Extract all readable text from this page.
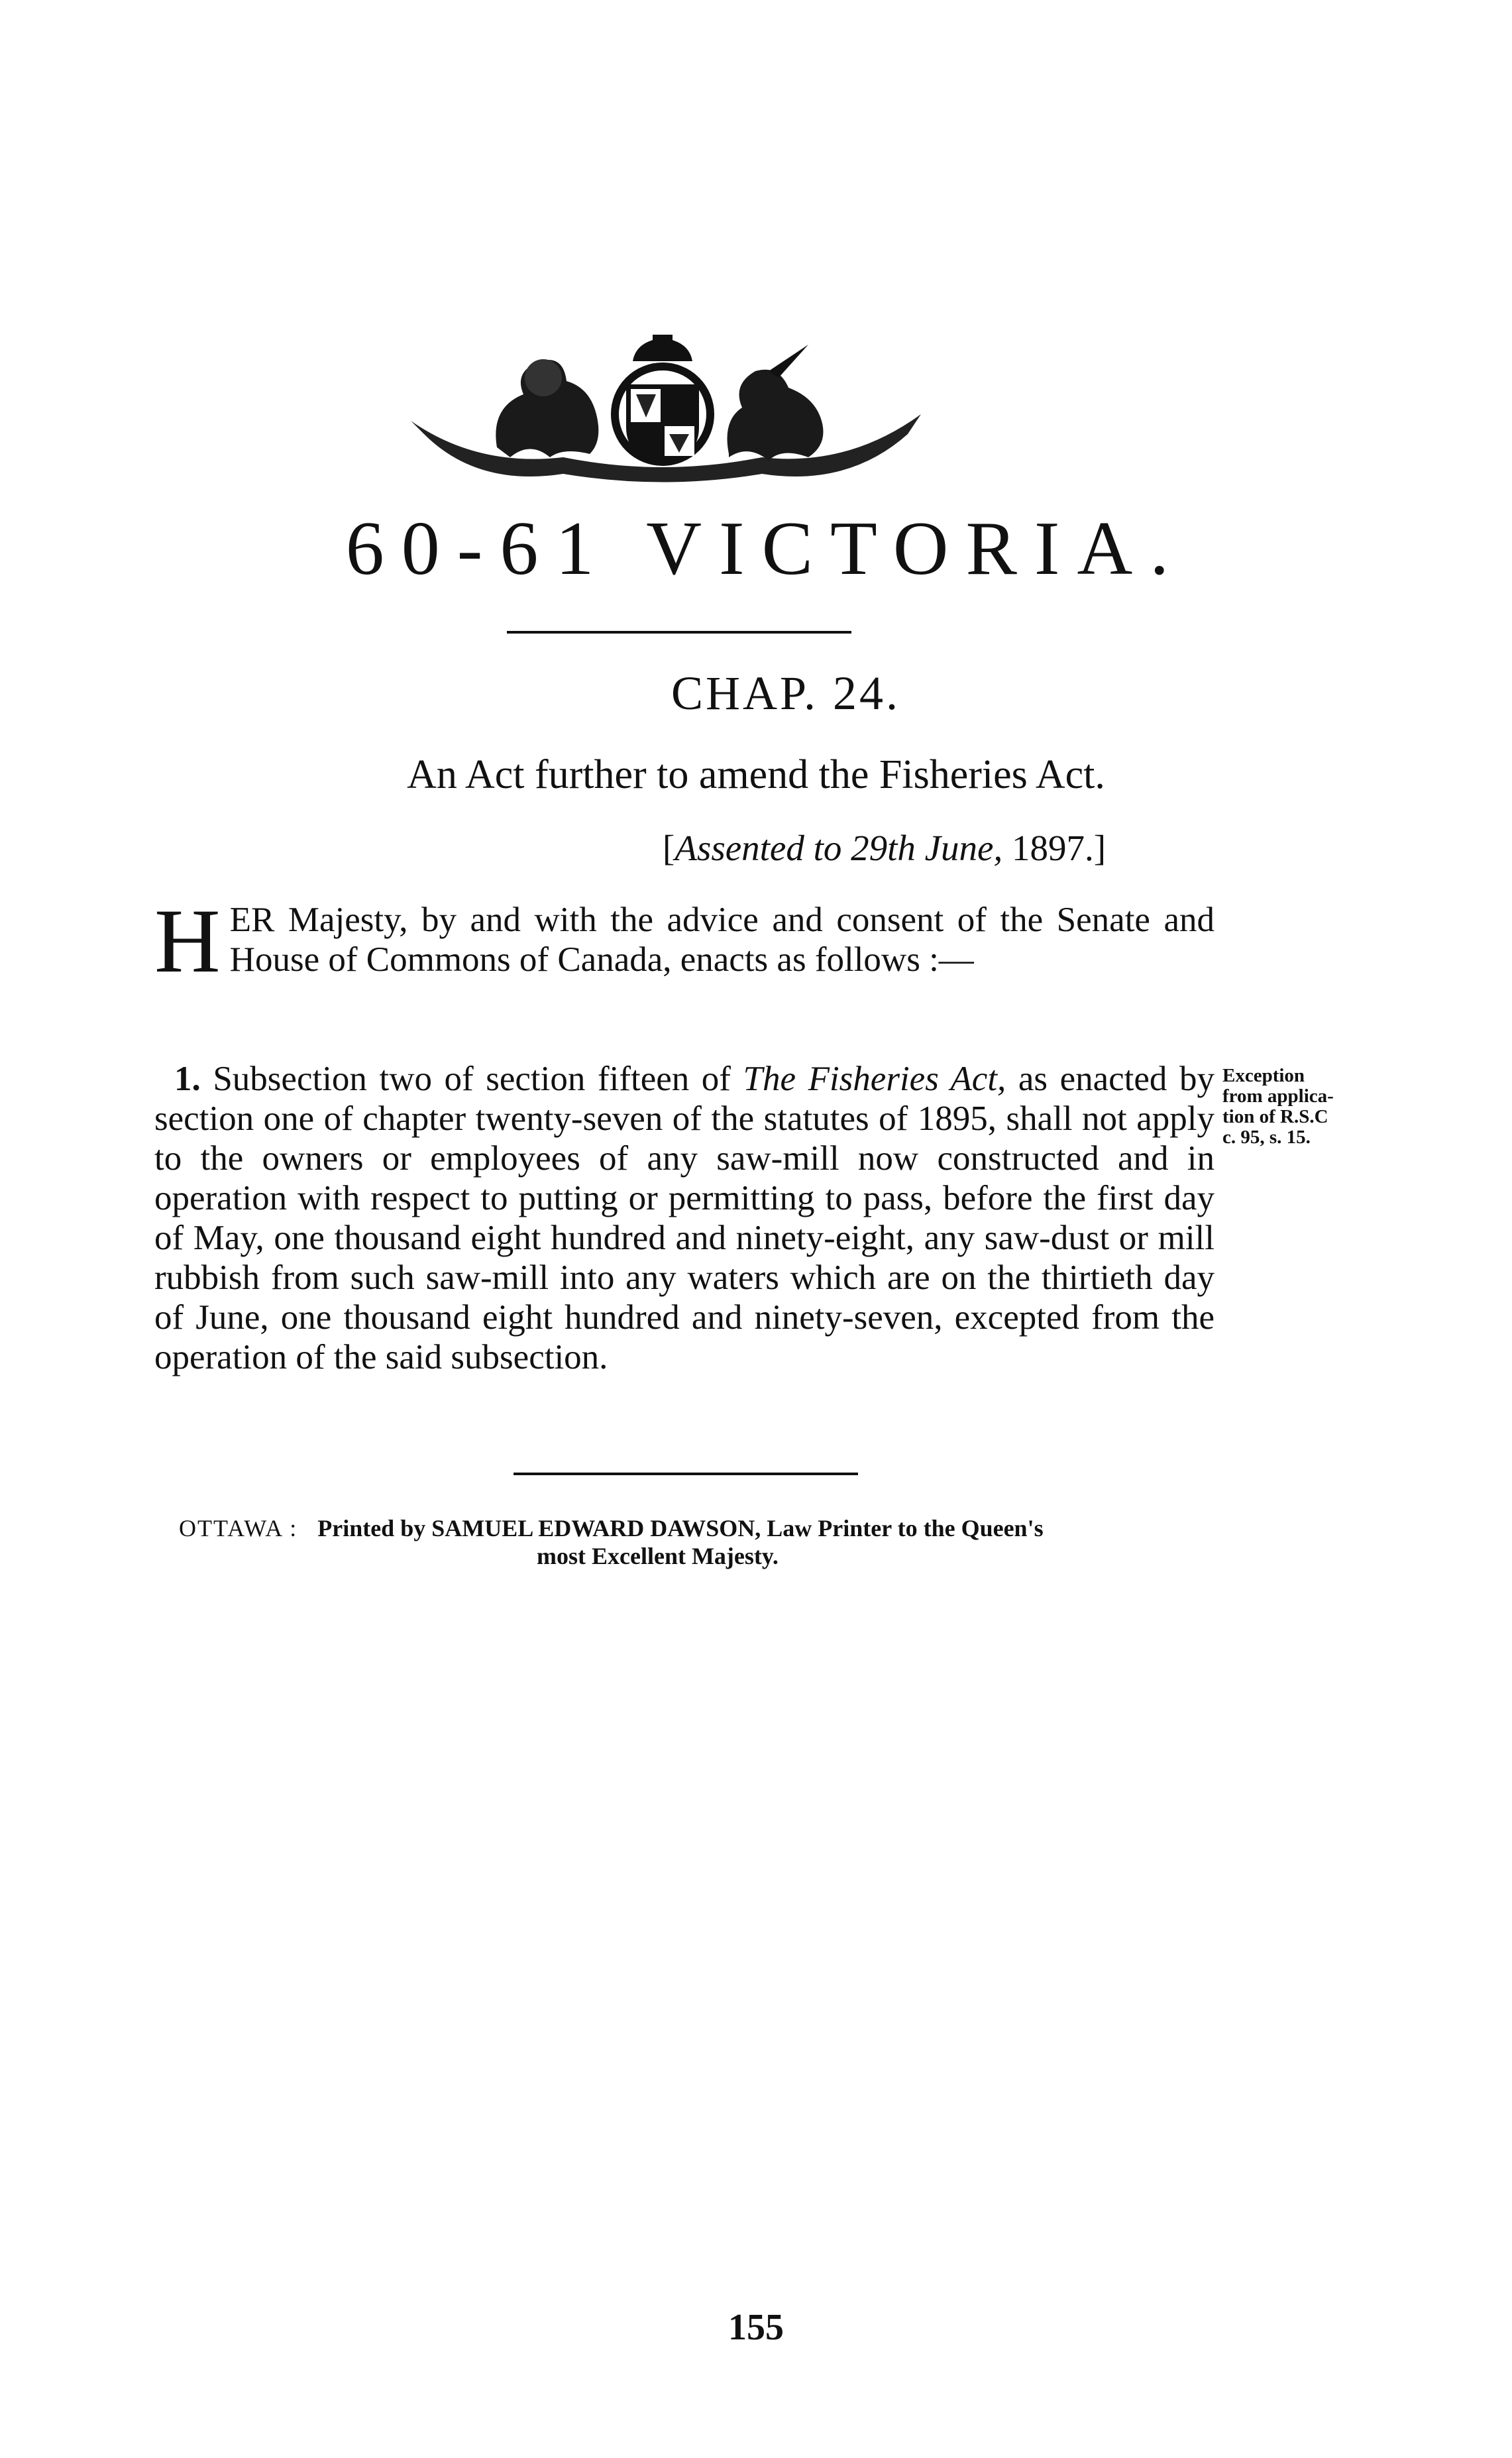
60-61 VICTORIA.
CHAP. 24.
An Act further to amend the Fisheries Act.
[Assented to 29th June, 1897.]
HER Majesty, by and with the advice and consent of the Senate and House of Commons of Canada, enacts as follows :—
1. Subsection two of section fifteen of The Fisheries Act, as enacted by section one of chapter twenty-seven of the statutes of 1895, shall not apply to the owners or employees of any saw-mill now constructed and in operation with respect to putting or permitting to pass, before the first day of May, one thousand eight hundred and ninety-eight, any saw-dust or mill rubbish from such saw-mill into any waters which are on the thirtieth day of June, one thousand eight hundred and ninety-seven, excepted from the operation of the said subsection.
Exception
from applica-
tion of R.S.C
c. 95, s. 15.
OTTAWA : Printed by SAMUEL EDWARD DAWSON, Law Printer to the Queen's
most Excellent Majesty.
155
